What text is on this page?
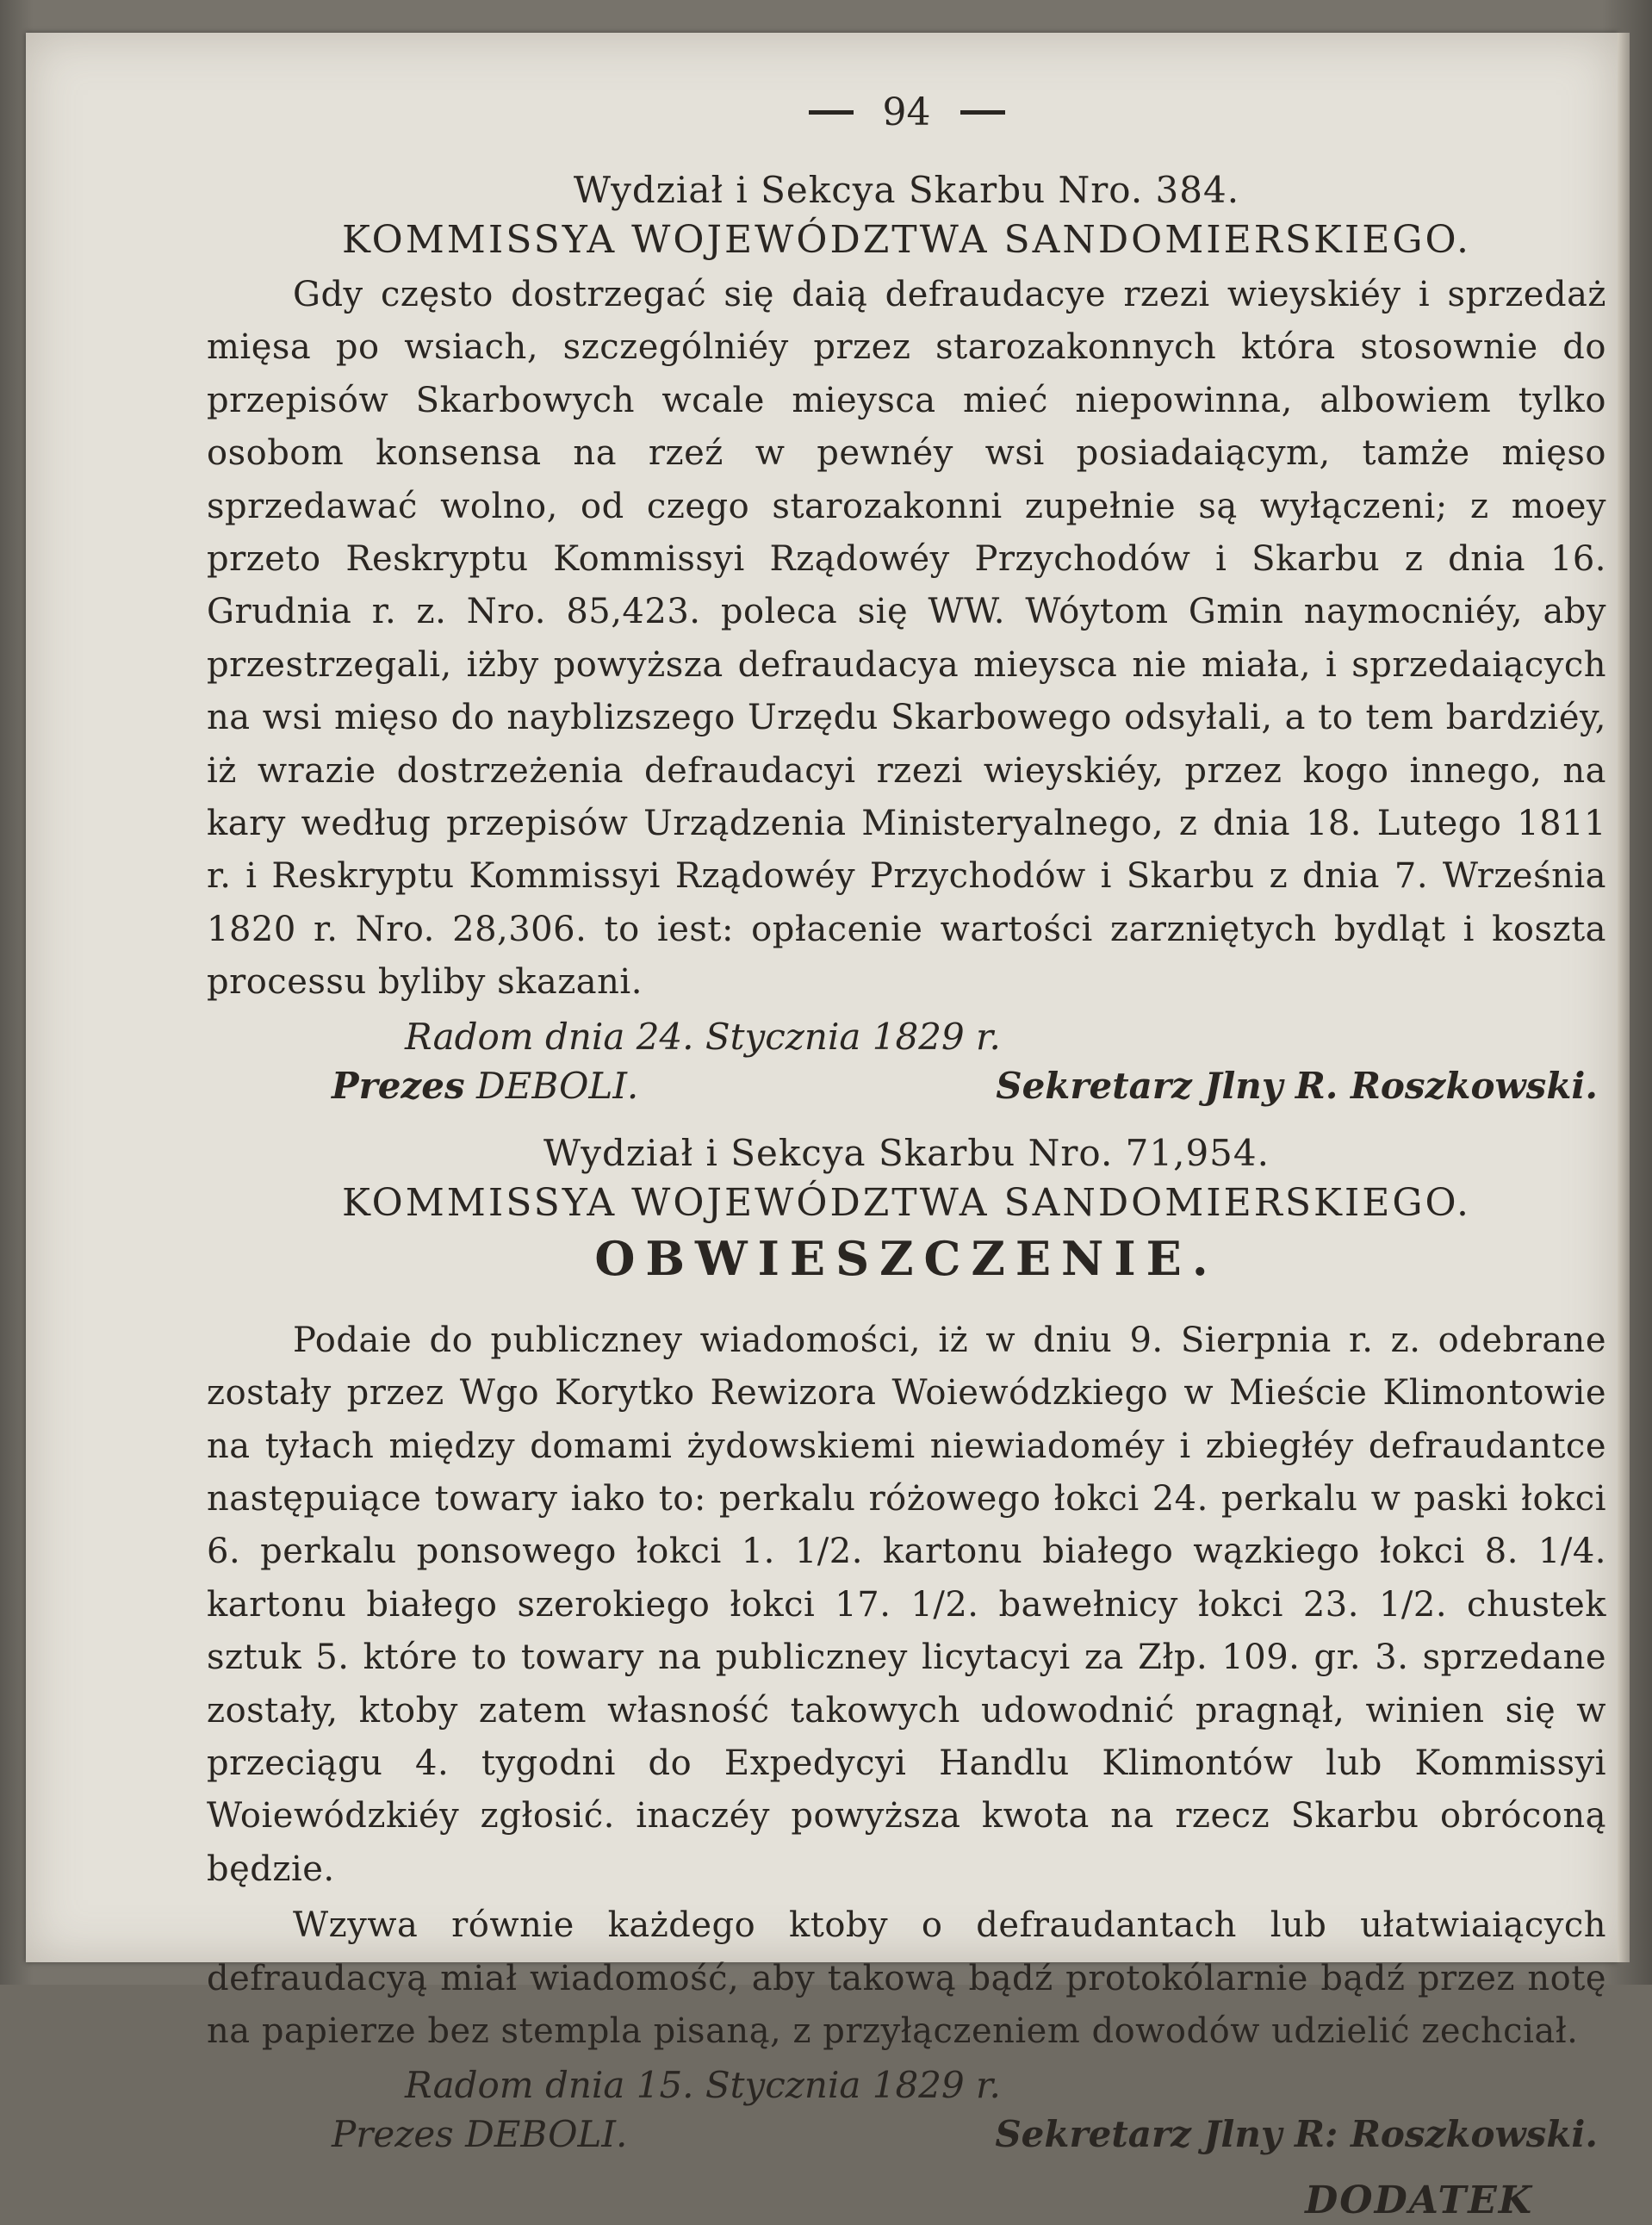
94
Wydział i Sekcya Skarbu Nro. 384.
KOMMISSYA WOJEWÓDZTWA SANDOMIERSKIEGO.

Gdy często dostrzegać się daią defraudacye rzezi wieyskiéy i sprzedaż mięsa po wsiach, szczególniéy przez starozakonnych która stosownie do przepisów Skarbowych wcale mieysca mieć niepowinna, albowiem tylko osobom konsensa na rzeź w pewnéy wsi posiadaiącym, tamże mięso sprzedawać wolno, od czego starozakonni zupełnie są wyłączeni; z moey przeto Reskryptu Kommissyi Rządowéy Przychodów i Skarbu z dnia 16. Grudnia r. z. Nro. 85,423. poleca się WW. Wóytom Gmin naymocniéy, aby przestrzegali, iżby powyższa defraudacya mieysca nie miała, i sprzedaiących na wsi mięso do nayblizszego Urzędu Skarbowego odsyłali, a to tem bardziéy, iż wrazie dostrzeżenia defraudacyi rzezi wieyskiéy, przez kogo innego, na kary według przepisów Urządzenia Ministeryalnego, z dnia 18. Lutego 1811 r. i Reskryptu Kommissyi Rządowéy Przychodów i Skarbu z dnia 7. Września 1820 r. Nro. 28,306. to iest: opłacenie wartości zarzniętych bydląt i koszta processu byliby skazani.

Radom dnia 24. Stycznia 1829 r.
Prezes DEBOLI.	Sekretarz Jlny R. Roszkowski.
Wydział i Sekcya Skarbu Nro. 71,954.
KOMMISSYA WOJEWÓDZTWA SANDOMIERSKIEGO.
OBWIESZCZENIE.

Podaie do publiczney wiadomości, iż w dniu 9. Sierpnia r. z. odebrane zostały przez Wgo Korytko Rewizora Woiewódzkiego w Mieście Klimontowie na tyłach między domami żydowskiemi niewiadoméy i zbiegłéy defraudantce następuiące towary iako to: perkalu różowego łokci 24. perkalu w paski łokci 6. perkalu ponsowego łokci 1. 1/2. kartonu białego wązkiego łokci 8. 1/4. kartonu białego szerokiego łokci 17. 1/2. bawełnicy łokci 23. 1/2. chustek sztuk 5. które to towary na publiczney licytacyi za Złp. 109. gr. 3. sprzedane zostały, ktoby zatem własność takowych udowodnić pragnął, winien się w przeciągu 4. tygodni do Expedycyi Handlu Klimontów lub Kommissyi Woiewódzkiéy zgłosić. inaczéy powyższa kwota na rzecz Skarbu obróconą będzie.

Wzywa równie każdego ktoby o defraudantach lub ułatwiaiących defraudacyą miał wiadomość, aby takową bądź protokólarnie bądź przez notę na papierze bez stempla pisaną, z przyłączeniem dowodów udzielić zechciał.

Radom dnia 15. Stycznia 1829 r.
Prezes DEBOLI.	Sekretarz Jlny R: Roszkowski.
DODATEK
